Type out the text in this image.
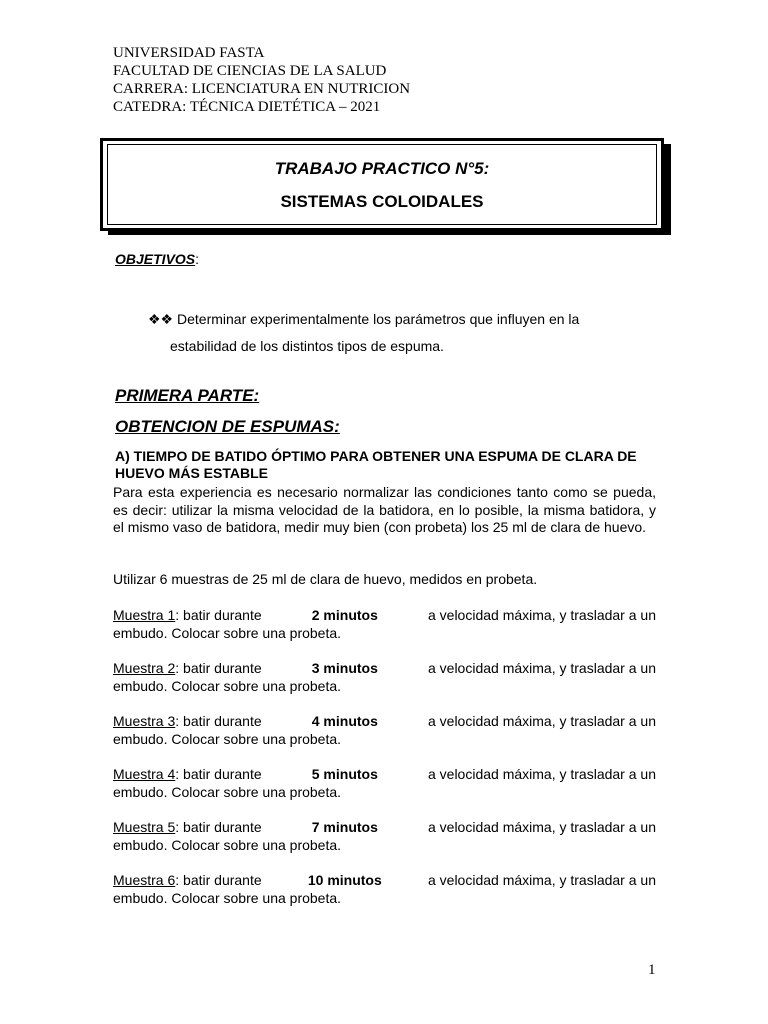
UNIVERSIDAD FASTA
FACULTAD DE CIENCIAS DE LA SALUD
CARRERA: LICENCIATURA EN NUTRICION
CATEDRA: TÉCNICA DIETÉTICA – 2021
TRABAJO PRACTICO N°5:
SISTEMAS COLOIDALES
OBJETIVOS:
❖❖ Determinar experimentalmente los parámetros que influyen en la
estabilidad de los distintos tipos de espuma.
PRIMERA PARTE:
OBTENCION DE ESPUMAS:
A) TIEMPO DE BATIDO ÓPTIMO PARA OBTENER UNA ESPUMA DE CLARA DE HUEVO MÁS ESTABLE
Para esta experiencia es necesario normalizar las condiciones tanto como se pueda, es decir: utilizar la misma velocidad de la batidora, en lo posible, la misma batidora, y el mismo vaso de batidora, medir muy bien (con probeta) los 25 ml de clara de huevo.
Utilizar 6 muestras de 25 ml de clara de huevo, medidos en probeta.
Muestra 1: batir durante	2 minutos	a velocidad máxima, y trasladar a un
embudo. Colocar sobre una probeta.
Muestra 2: batir durante	3 minutos	a velocidad máxima, y trasladar a un
embudo. Colocar sobre una probeta.
Muestra 3: batir durante	4 minutos	a velocidad máxima, y trasladar a un
embudo. Colocar sobre una probeta.
Muestra 4: batir durante	5 minutos	a velocidad máxima, y trasladar a un
embudo. Colocar sobre una probeta.
Muestra 5: batir durante	7 minutos	a velocidad máxima, y trasladar a un
embudo. Colocar sobre una probeta.
Muestra 6: batir durante	10 minutos	a velocidad máxima, y trasladar a un
embudo. Colocar sobre una probeta.
1
